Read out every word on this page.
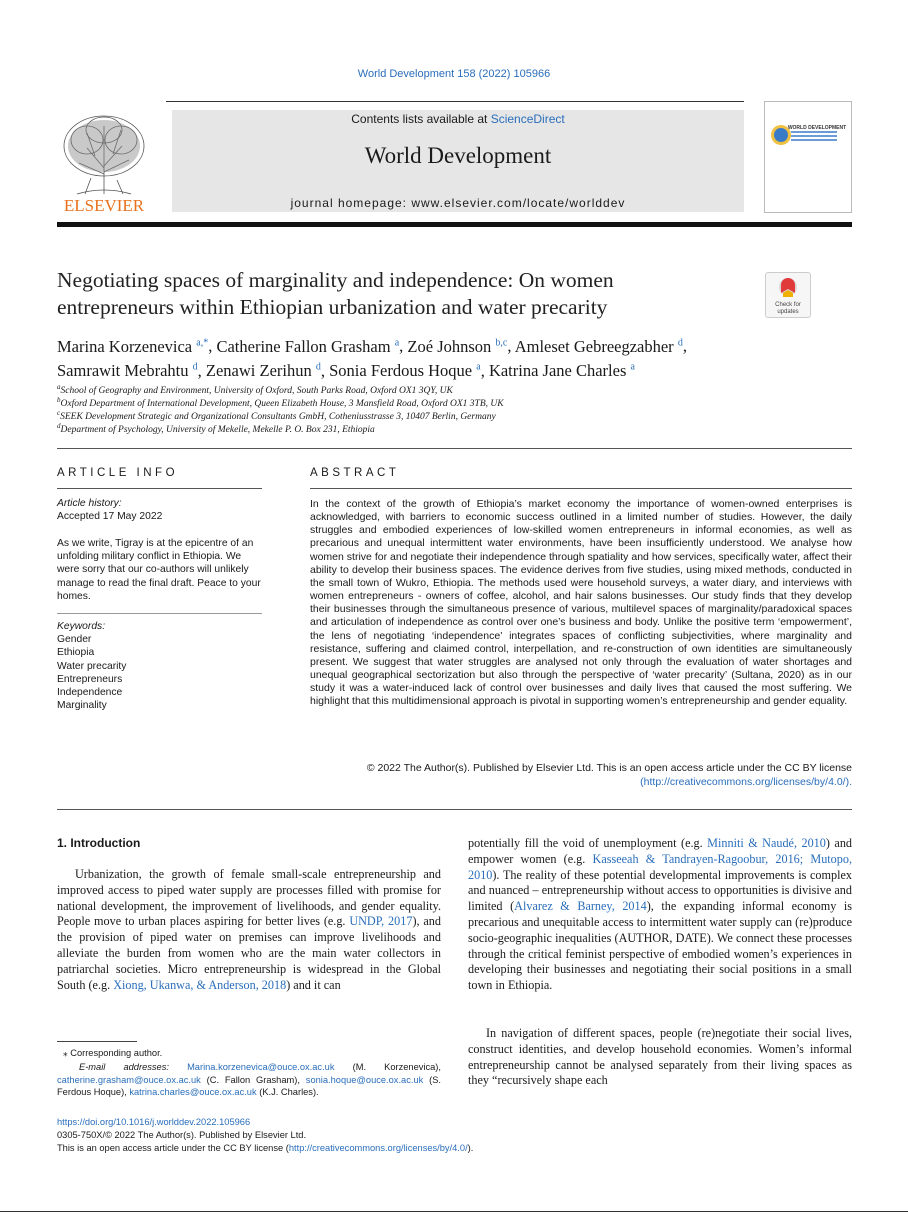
World Development 158 (2022) 105966
ELSEVIER
Contents lists available at ScienceDirect
World Development
journal homepage: www.elsevier.com/locate/worlddev
WORLD DEVELOPMENT
Negotiating spaces of marginality and independence: On women
entrepreneurs within Ethiopian urbanization and water precarity	Check for
updates
Marina Korzenevica $^{a,*}$, Catherine Fallon Grasham $^a$, Zoé Johnson $^{b,c}$, Amleset Gebreegzabher $^d$,
Samrawit Mebrahtu $^d$, Zenawi Zerihun $^d$, Sonia Ferdous Hoque $^a$, Katrina Jane Charles $^a$
$^a$School of Geography and Environment, University of Oxford, South Parks Road, Oxford OX1 3QY, UK
$^b$Oxford Department of International Development, Queen Elizabeth House, 3 Mansfield Road, Oxford OX1 3TB, UK
$^c$SEEK Development Strategic and Organizational Consultants GmbH, Cotheniusstrasse 3, 10407 Berlin, Germany
$^d$Department of Psychology, University of Mekelle, Mekelle P. O. Box 231, Ethiopia
ARTICLE INFO
Article history:
Accepted 17 May 2022
As we write, Tigray is at the epicentre of an unfolding military conflict in Ethiopia. We were sorry that our co-authors will unlikely manage to read the final draft. Peace to your homes.
Keywords:
Gender
Ethiopia
Water precarity
Entrepreneurs
Independence
Marginality
ABSTRACT
In the context of the growth of Ethiopia’s market economy the importance of women-owned enterprises is acknowledged, with barriers to economic success outlined in a limited number of studies. However, the daily struggles and embodied experiences of low-skilled women entrepreneurs in informal economies, as well as precarious and unequal intermittent water environments, have been insufficiently understood. We analyse how women strive for and negotiate their independence through spatiality and how services, specifically water, affect their ability to develop their business spaces. The evidence derives from five studies, using mixed methods, conducted in the small town of Wukro, Ethiopia. The methods used were household surveys, a water diary, and interviews with women entrepreneurs - owners of coffee, alcohol, and hair salons businesses. Our study finds that they develop their businesses through the simultaneous presence of various, multilevel spaces of marginality/paradoxical spaces and articulation of independence as control over one’s business and body. Unlike the positive term ‘empowerment’, the lens of negotiating ‘independence’ integrates spaces of conflicting subjectivities, where marginality and resistance, suffering and claimed control, interpellation, and re-construction of own identities are simultaneously present. We suggest that water struggles are analysed not only through the evaluation of water shortages and unequal geographical sectorization but also through the perspective of ‘water precarity’ (Sultana, 2020) as in our study it was a water-induced lack of control over businesses and daily lives that caused the most suffering. We highlight that this multidimensional approach is pivotal in supporting women’s entrepreneurship and gender equality.
© 2022 The Author(s). Published by Elsevier Ltd. This is an open access article under the CC BY license
(http://creativecommons.org/licenses/by/4.0/).
1. Introduction
Urbanization, the growth of female small-scale entrepreneurship and improved access to piped water supply are processes filled with promise for national development, the improvement of livelihoods, and gender equality. People move to urban places aspiring for better lives (e.g. UNDP, 2017), and the provision of piped water on premises can improve livelihoods and alleviate the burden from women who are the main water collectors in patriarchal societies. Micro entrepreneurship is widespread in the Global South (e.g. Xiong, Ukanwa, & Anderson, 2018) and it can
potentially fill the void of unemployment (e.g. Minniti & Naudé, 2010) and empower women (e.g. Kasseeah & Tandrayen-Ragoobur, 2016; Mutopo, 2010). The reality of these potential developmental improvements is complex and nuanced – entrepreneurship without access to opportunities is divisive and limited (Alvarez & Barney, 2014), the expanding informal economy is precarious and unequitable access to intermittent water supply can (re)produce socio-geographic inequalities (AUTHOR, DATE). We connect these processes through the critical feminist perspective of embodied women’s experiences in developing their businesses and negotiating their social positions in a small town in Ethiopia.
In navigation of different spaces, people (re)negotiate their social lives, construct identities, and develop household economies. Women’s informal entrepreneurship cannot be analysed separately from their living spaces as they “recursively shape each
⁎ Corresponding author.
E-mail addresses: Marina.korzenevica@ouce.ox.ac.uk (M. Korzenevica), catherine.grasham@ouce.ox.ac.uk (C. Fallon Grasham), sonia.hoque@ouce.ox.ac.uk (S. Ferdous Hoque), katrina.charles@ouce.ox.ac.uk (K.J. Charles).
https://doi.org/10.1016/j.worlddev.2022.105966
0305-750X/© 2022 The Author(s). Published by Elsevier Ltd.
This is an open access article under the CC BY license (http://creativecommons.org/licenses/by/4.0/).
